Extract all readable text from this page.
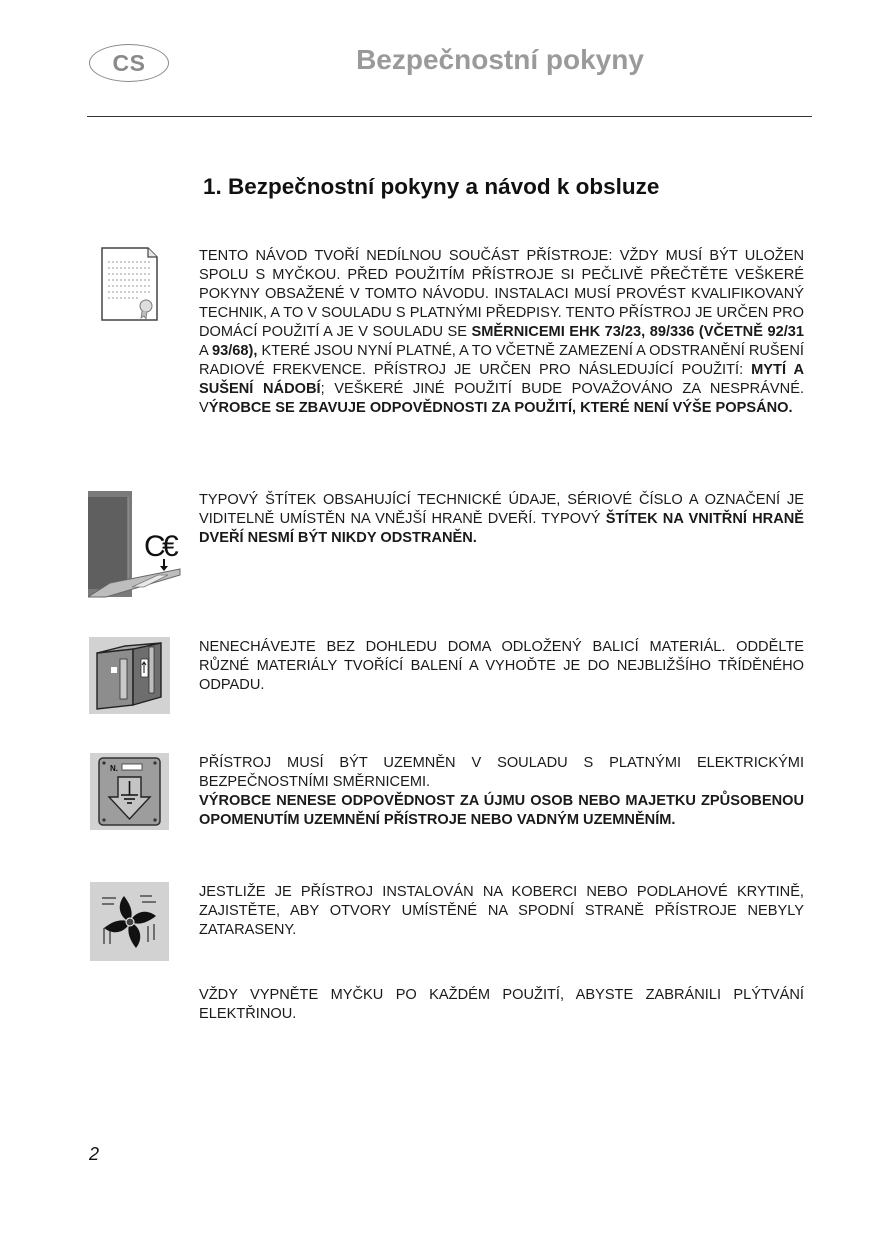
CS	Bezpečnostní pokyny
1. Bezpečnostní pokyny a návod k obsluze
TENTO NÁVOD TVOŘÍ NEDÍLNOU SOUČÁST PŘÍSTROJE: VŽDY MUSÍ BÝT ULOŽEN SPOLU S MYČKOU. PŘED POUŽITÍM PŘÍSTROJE SI PEČLIVĚ PŘEČTĚTE VEŠKERÉ POKYNY OBSAŽENÉ V TOMTO NÁVODU. INSTALACI MUSÍ PROVÉST KVALIFIKOVANÝ TECHNIK, A TO V SOULADU S PLATNÝMI PŘEDPISY. TENTO PŘÍSTROJ JE URČEN PRO DOMÁCÍ POUŽITÍ A JE V SOULADU SE SMĚRNICEMI EHK 73/23, 89/336 (VČETNĚ 92/31 A 93/68), KTERÉ JSOU NYNÍ PLATNÉ, A TO VČETNĚ ZAMEZENÍ A ODSTRANĚNÍ RUŠENÍ RADIOVÉ FREKVENCE. PŘÍSTROJ JE URČEN PRO NÁSLEDUJÍCÍ POUŽITÍ: MYTÍ A SUŠENÍ NÁDOBÍ; VEŠKERÉ JINÉ POUŽITÍ BUDE POVAŽOVÁNO ZA NESPRÁVNÉ. VÝROBCE SE ZBAVUJE ODPOVĚDNOSTI ZA POUŽITÍ, KTERÉ NENÍ VÝŠE POPSÁNO.
C
€
TYPOVÝ ŠTÍTEK OBSAHUJÍCÍ TECHNICKÉ ÚDAJE, SÉRIOVÉ ČÍSLO A OZNAČENÍ JE VIDITELNĚ UMÍSTĚN NA VNĚJŠÍ HRANĚ DVEŘÍ. TYPOVÝ ŠTÍTEK NA VNITŘNÍ HRANĚ DVEŘÍ NESMÍ BÝT NIKDY ODSTRANĚN.
NENECHÁVEJTE BEZ DOHLEDU DOMA ODLOŽENÝ BALICÍ MATERIÁL. ODDĚLTE RŮZNÉ MATERIÁLY TVOŘÍCÍ BALENÍ A VYHOĎTE JE DO NEJBLIŽŠÍHO TŘÍDĚNÉHO ODPADU.
N.	PŘÍSTROJ MUSÍ BÝT UZEMNĚN V SOULADU S PLATNÝMI ELEKTRICKÝMI BEZPEČNOSTNÍMI SMĚRNICEMI.
VÝROBCE NENESE ODPOVĚDNOST ZA ÚJMU OSOB NEBO MAJETKU ZPŮSOBENOU OPOMENUTÍM UZEMNĚNÍ PŘÍSTROJE NEBO VADNÝM UZEMNĚNÍM.
JESTLIŽE JE PŘÍSTROJ INSTALOVÁN NA KOBERCI NEBO PODLAHOVÉ KRYTINĚ, ZAJISTĚTE, ABY OTVORY UMÍSTĚNÉ NA SPODNÍ STRANĚ PŘÍSTROJE NEBYLY ZATARASENY.
VŽDY VYPNĚTE MYČKU PO KAŽDÉM POUŽITÍ, ABYSTE ZABRÁNILI PLÝTVÁNÍ ELEKTŘINOU.
2
